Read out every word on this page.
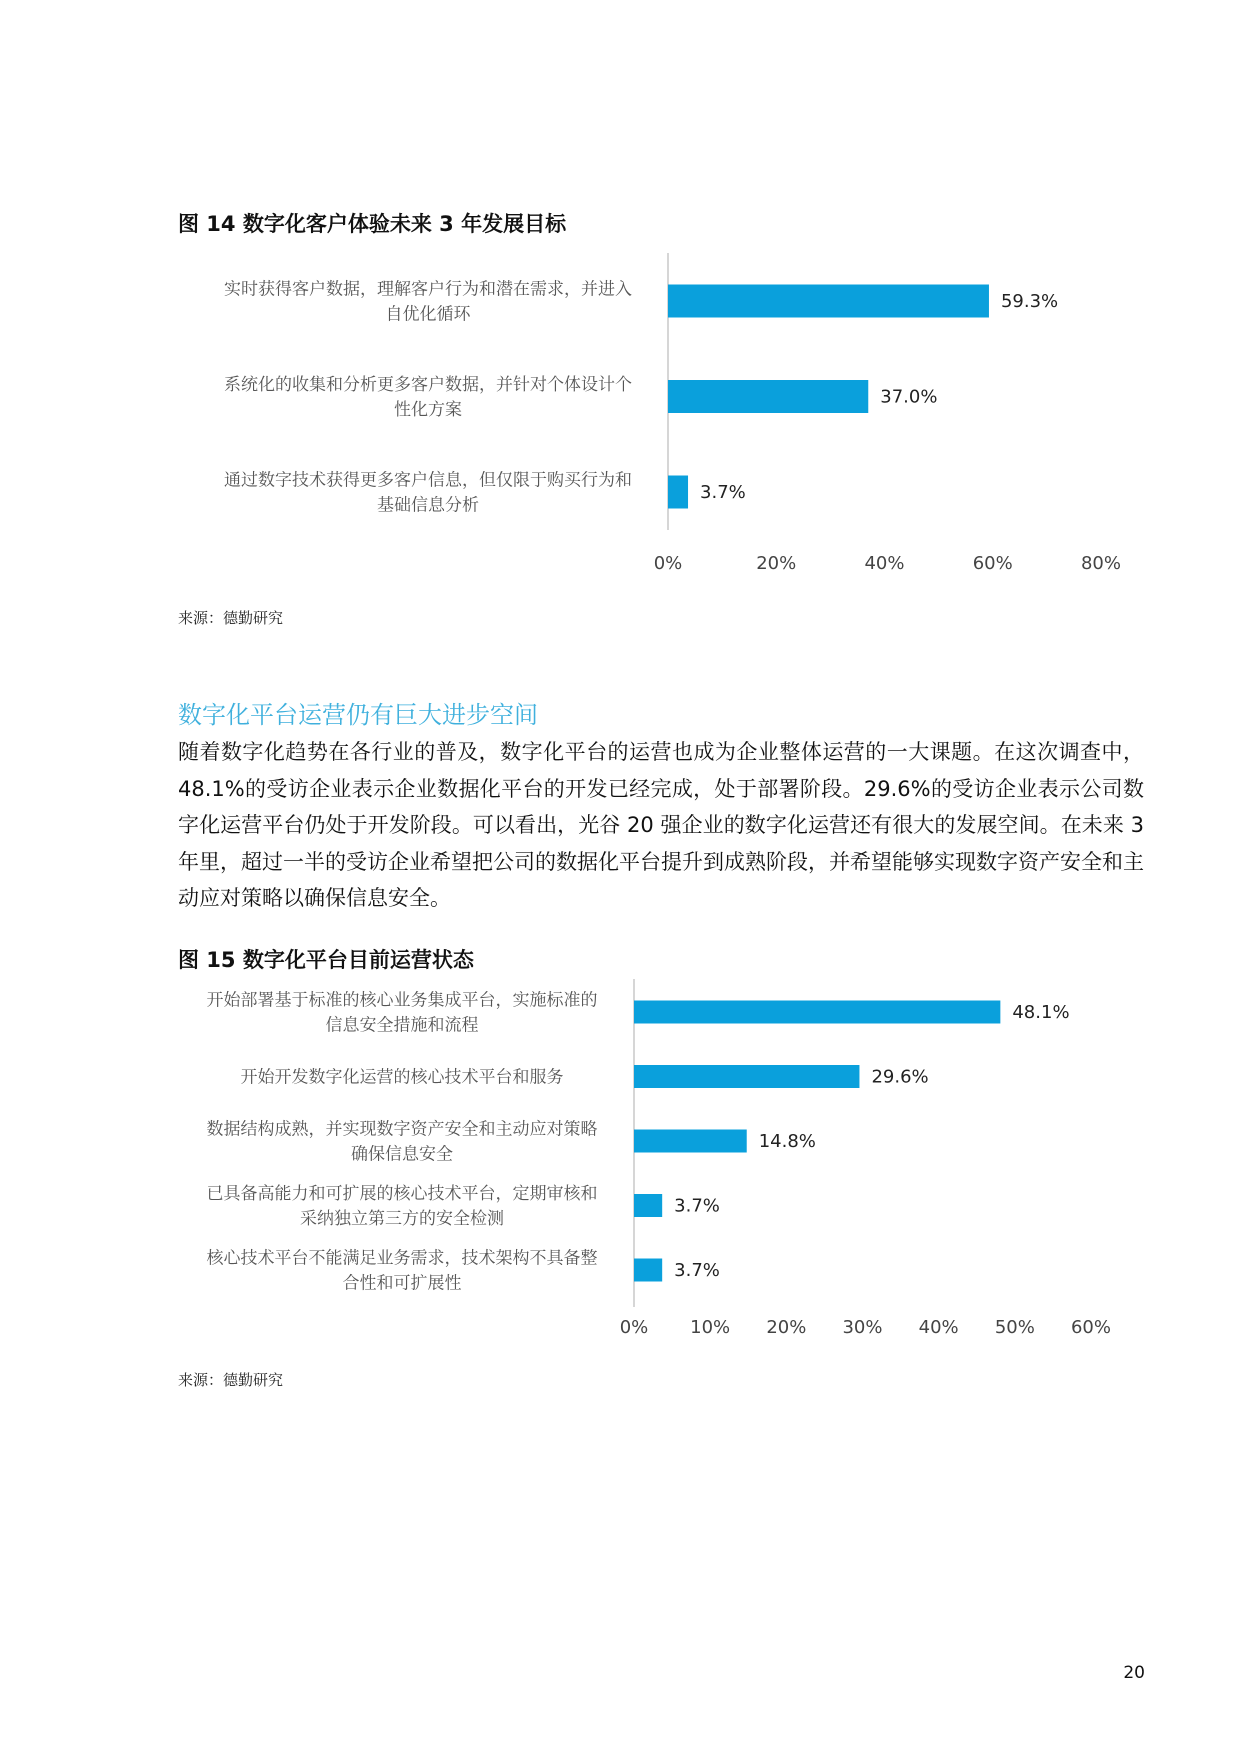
图 14 数字化客户体验未来 3 年发展目标
59.3%
实时获得客户数据，理解客户行为和潜在需求，并进入
自优化循环
37.0%
系统化的收集和分析更多客户数据，并针对个体设计个
性化方案
3.7%
通过数字技术获得更多客户信息，但仅限于购买行为和
基础信息分析
0%	20%	40%	60%	80%
来源：德勤研究
数字化平台运营仍有巨大进步空间
随着数字化趋势在各行业的普及，数字化平台的运营也成为企业整体运营的一大课题。在这次调查中，48.1%的受访企业表示企业数据化平台的开发已经完成，处于部署阶段。29.6%的受访企业表示公司数字化运营平台仍处于开发阶段。可以看出，光谷 20 强企业的数字化运营还有很大的发展空间。在未来 3 年里，超过一半的受访企业希望把公司的数据化平台提升到成熟阶段，并希望能够实现数字资产安全和主动应对策略以确保信息安全。
图 15 数字化平台目前运营状态
48.1%
开始部署基于标准的核心业务集成平台，实施标准的
信息安全措施和流程
29.6%
开始开发数字化运营的核心技术平台和服务
14.8%
数据结构成熟，并实现数字资产安全和主动应对策略
确保信息安全
3.7%
已具备高能力和可扩展的核心技术平台，定期审核和
采纳独立第三方的安全检测
3.7%
核心技术平台不能满足业务需求，技术架构不具备整
合性和可扩展性
0% 10% 20% 30% 40% 50% 60%
来源：德勤研究
20
